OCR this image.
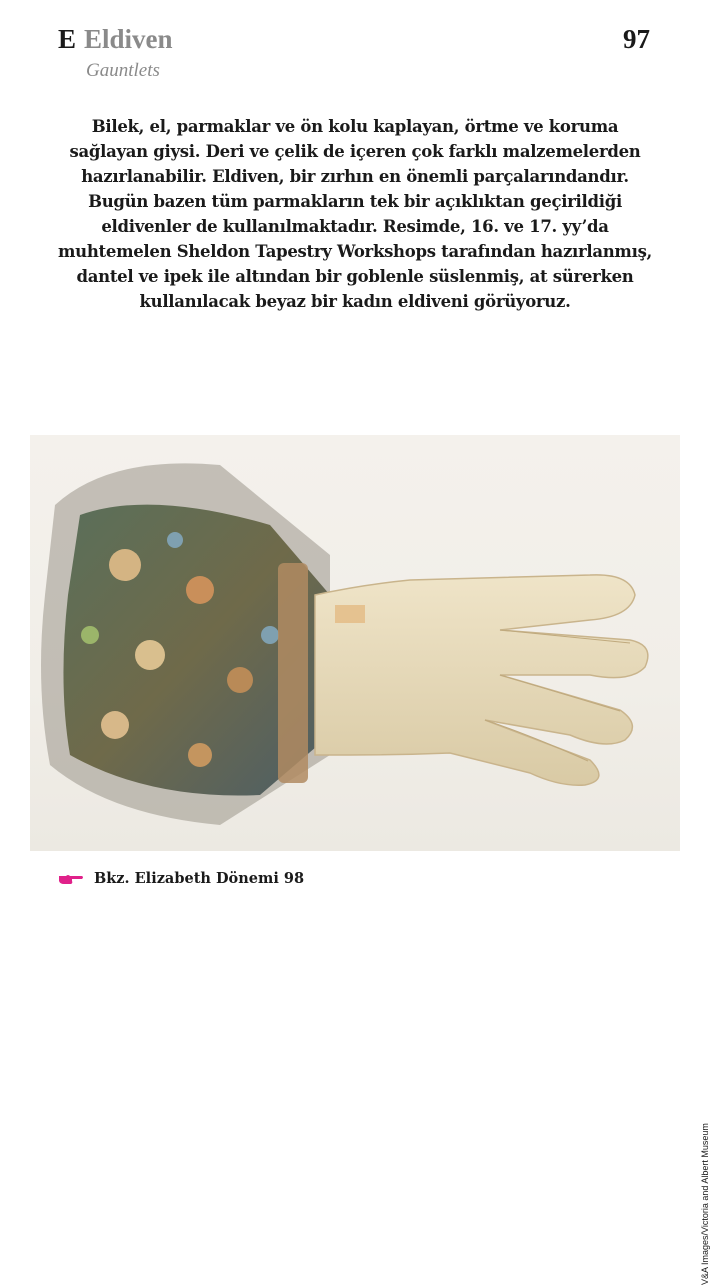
E Eldiven
Gauntlets
97

Bilek, el, parmaklar ve ön kolu kaplayan, örtme ve koruma sağlayan giysi. Deri ve çelik de içeren çok farklı malzemelerden hazırlanabilir. Eldiven, bir zırhın en önemli parçalarındandır. Bugün bazen tüm parmakların tek bir açıklıktan geçirildiği eldivenler de kullanılmaktadır. Resimde, 16. ve 17. yy’da muhtemelen Sheldon Tapestry Workshops tarafından hazırlanmış, dantel ve ipek ile altından bir goblenle süslenmiş, at sürerken kullanılacak beyaz bir kadın eldiveni görüyoruz.

V&A Images/Victoria and Albert Museum
Bkz. Elizabeth Dönemi 98
